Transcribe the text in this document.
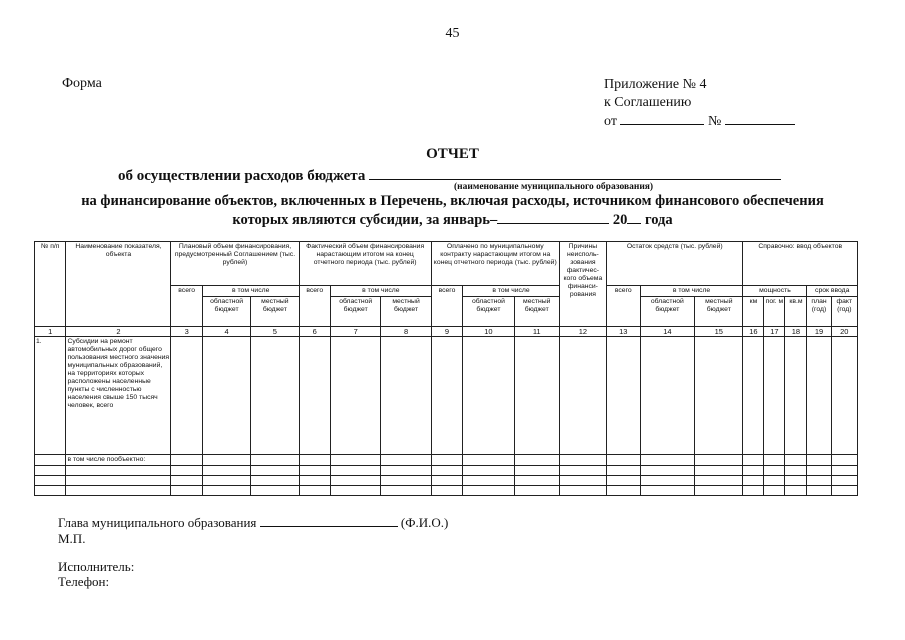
45
Форма	Приложение № 4
к Соглашению
от	№
ОТЧЕТ
об осуществлении расходов бюджета
(наименование муниципального образования)
на финансирование объектов, включенных в Перечень, включая расходы, источником финансового обеспечения
которых являются субсидии, за январь–	20 года
№ п/п	Наименование показателя, объекта	Плановый объем финансирования, предусмотренный Соглашением (тыс. рублей)			Фактический объем финансирования нарастающим итогом на конец отчетного периода (тыс. рублей)			Оплачено по муниципальному контракту нарастающим итогом на конец отчетного периода (тыс. рублей)			Причины неисполь-зования фактичес-кого объема финанси-рования	Остаток средств (тыс. рублей)			Справочно: ввод объектов				
		всего	в том числе		всего	в том числе		всего	в том числе			всего	в том числе		мощность			срок ввода	
			областной бюджет	местный бюджет		областной бюджет	местный бюджет		областной бюджет	местный бюджет			областной бюджет	местный бюджет	км	пог. м	кв.м	план (год)	факт (год)
1	2	3	4	5	6	7	8	9	10	11	12	13	14	15	16	17	18	19	20
1.	Субсидии на ремонт автомобильных дорог общего пользования местного значения муниципальных образований, на территориях которых расположены населенные пункты с численностью населения свыше 150 тысяч человек, всего																		
	в том числе пообъектно:																		

Глава муниципального образования	(Ф.И.О.)
М.П.
Исполнитель:
Телефон:
